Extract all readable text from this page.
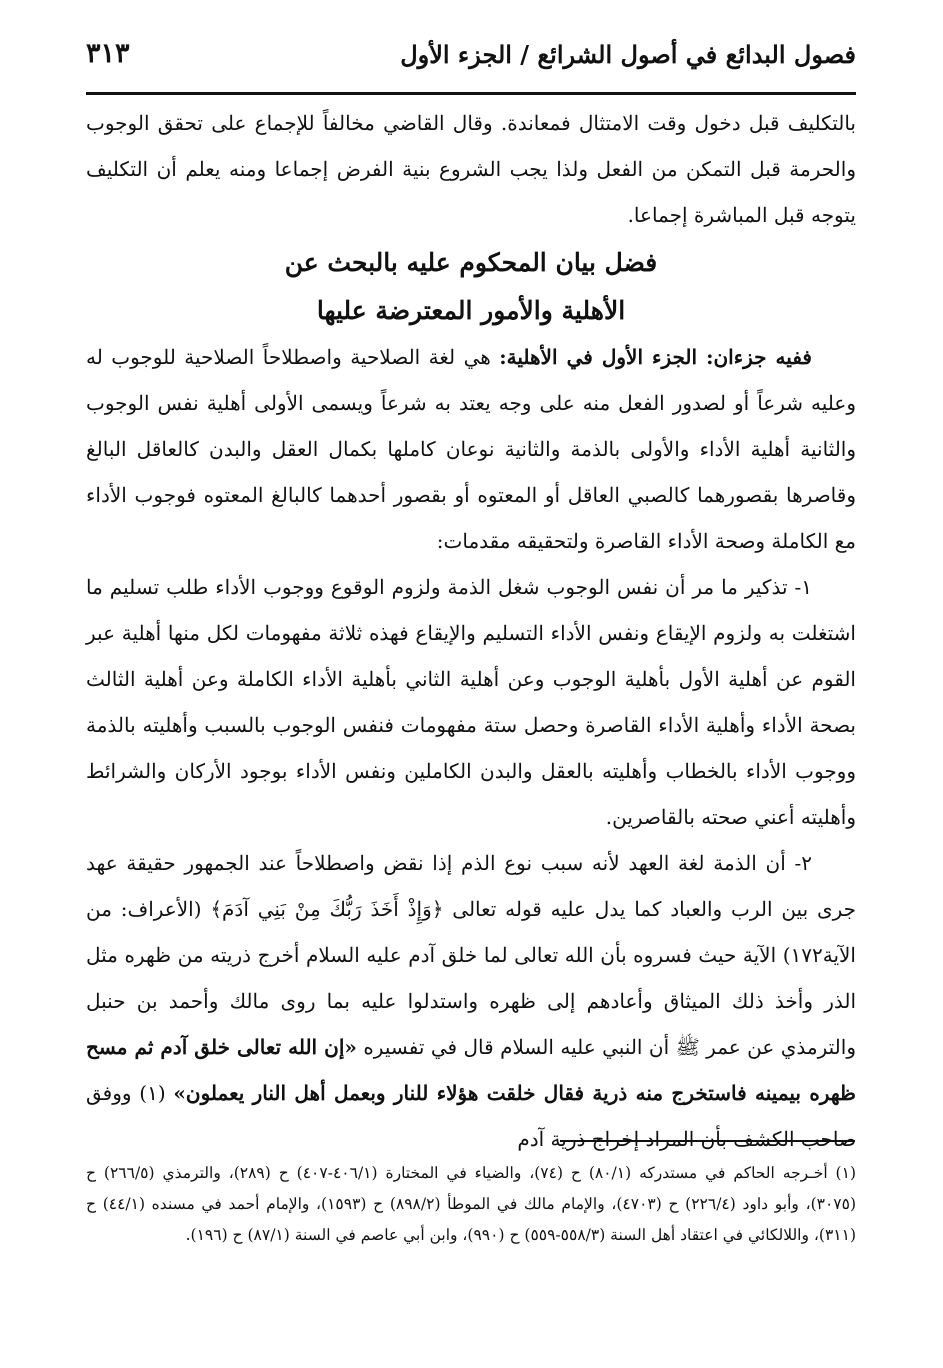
فصول البدائع في أصول الشرائع / الجزء الأول
٣١٣

بالتكليف قبل دخول وقت الامتثال فمعاندة. وقال القاضي مخالفاً للإجماع على تحقق الوجوب والحرمة قبل التمكن من الفعل ولذا يجب الشروع بنية الفرض إجماعا ومنه يعلم أن التكليف يتوجه قبل المباشرة إجماعا.

فضل بيان المحكوم عليه بالبحث عن
الأهلية والأمور المعترضة عليها

ففيه جزءان: الجزء الأول في الأهلية: هي لغة الصلاحية واصطلاحاً الصلاحية للوجوب له وعليه شرعاً أو لصدور الفعل منه على وجه يعتد به شرعاً ويسمى الأولى أهلية نفس الوجوب والثانية أهلية الأداء والأولى بالذمة والثانية نوعان كاملها بكمال العقل والبدن كالعاقل البالغ وقاصرها بقصورهما كالصبي العاقل أو المعتوه أو بقصور أحدهما كالبالغ المعتوه فوجوب الأداء مع الكاملة وصحة الأداء القاصرة ولتحقيقه مقدمات:

١- تذكير ما مر أن نفس الوجوب شغل الذمة ولزوم الوقوع ووجوب الأداء طلب تسليم ما اشتغلت به ولزوم الإيقاع ونفس الأداء التسليم والإيقاع فهذه ثلاثة مفهومات لكل منها أهلية عبر القوم عن أهلية الأول بأهلية الوجوب وعن أهلية الثاني بأهلية الأداء الكاملة وعن أهلية الثالث بصحة الأداء وأهلية الأداء القاصرة وحصل ستة مفهومات فنفس الوجوب بالسبب وأهليته بالذمة ووجوب الأداء بالخطاب وأهليته بالعقل والبدن الكاملين ونفس الأداء بوجود الأركان والشرائط وأهليته أعني صحته بالقاصرين.

٢- أن الذمة لغة العهد لأنه سبب نوع الذم إذا نقض واصطلاحاً عند الجمهور حقيقة عهد جرى بين الرب والعباد كما يدل عليه قوله تعالى ﴿وَإِذْ أَخَذَ رَبُّكَ مِنْ بَنِي آدَمَ﴾ (الأعراف: من الآية١٧٢) الآية حيث فسروه بأن الله تعالى لما خلق آدم عليه السلام أخرج ذريته من ظهره مثل الذر وأخذ ذلك الميثاق وأعادهم إلى ظهره واستدلوا عليه بما روى مالك وأحمد بن حنبل والترمذي عن عمر ﷺ أن النبي عليه السلام قال في تفسيره «إن الله تعالى خلق آدم ثم مسح ظهره بيمينه فاستخرج منه ذرية فقال خلقت هؤلاء للنار وبعمل أهل النار يعملون» (١) ووفق صاحب الكشف بأن المراد إخراج ذرية آدم

(١) أخـرجه الحاكم في مستدركه (٨٠/١) ح (٧٤)، والضياء في المختارة (٤٠٦/١-٤٠٧) ح (٢٨٩)، والترمذي (٢٦٦/٥) ح (٣٠٧٥)، وأبو داود (٢٢٦/٤) ح (٤٧٠٣)، والإمام مالك في الموطأ (٨٩٨/٢) ح (١٥٩٣)، والإمام أحمد في مسنده (٤٤/١) ح (٣١١)، واللالكائي في اعتقاد أهل السنة (٥٥٨/٣-٥٥٩) ح (٩٩٠)، وابن أبي عاصم في السنة (٨٧/١) ح (١٩٦).
